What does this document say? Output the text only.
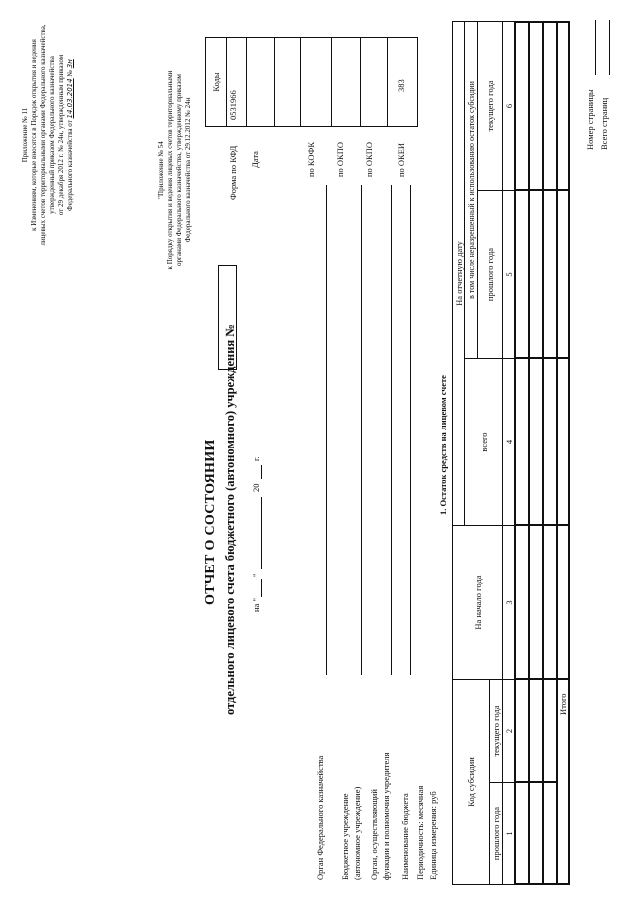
Приложение № 11 к Изменениям, которые вносятся в Порядок открытия и ведения лицевых счетов территориальными органами Федерального казначейства, утвержденный приказом Федерального казначейства от 29 декабря 2012 г. № 24н, утвержденным приказом Федерального казначейства от 14.03.2014 № 3н
"Приложение № 54 к Порядку открытия и ведения лицевых счетов территориальными органами Федерального казначейства, утвержденному приказом Федерального казначейства от 29.12.2012 № 24н
ОТЧЕТ О СОСТОЯНИИ отдельного лицевого счета бюджетного (автономного) учреждения № на "
"
20
г.
Коды
0531966
383
Форма по КФД Дата	по КОФК по ОКПО по ОКПО	по ОКЕИ
Орган Федерального казначейства Бюджетное учреждение (автономное учреждение) Орган, осуществляющий функции и полномочия учредителя Наименование бюджета Периодичность: месячная Единица измерения: руб
1. Остаток средств на лицевом счете
Код субсидии
прошлого года
текущего года
На начало года
На отчетную дату
всего
в том числе неразрешенный к использованию остаток субсидии прошлого года
текущего года
1
2
3
4
5
6
Итого
Номер страницы Всего страниц
